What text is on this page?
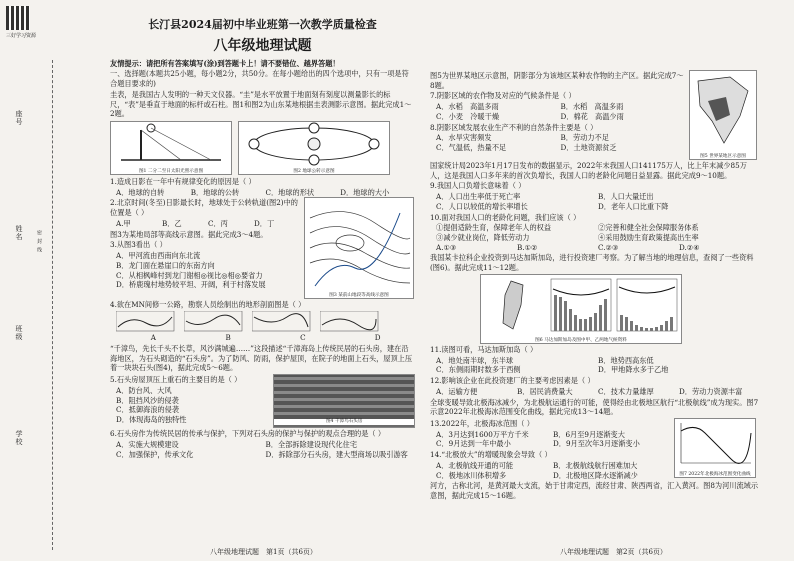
三好学习资源
座号
姓名
班级
学校
密 封 线
长汀县2024届初中毕业班第一次教学质量检查
八年级地理试题
友情提示：请把所有答案填写(涂)到答题卡上！请不要错位、越界答题！
一、选择题(本题共25小题，每小题2分，共50分。在每小题给出的四个选项中，只有一项是符合题目要求的)
圭表，是我国古人发明的一种天文仪器。“圭”是水平放置于地面刻有刻度以测量影长的标尺，“表”是垂直于地面的标杆或石柱。图1和图2为山东某地根据圭表测影示意图。据此完成1～2题。
图1 二分二至日太阳光照示意图	图2 地球公转示意图
1.造成日影在一年中有规律变化的原因是（ ）
A．地球的自转	B．地球的公转	C．地球的形状	D．地球的大小
2.北京时间(冬至)日影最长时，地球处于公转轨道(图2)中的位置是（ ）
A.甲	B．乙	C．丙	D．丁
图3为某地局部等高线示意图。据此完成3～4题。
3.从图3看出（ ）
A．甲河流由西南向东北流
B．龙门面在悬崖口的东南方向
C．从相枫峰村到龙门谢相◎视比◎相◎要省力
D．桥鹿瑰村地势较平坦、开阔，利于村落发展
图3 某前山地段等高线示意图
4.欲在MN间修一公路，勘察人员绘制出的地形剖面图是（ ）
A	B	C	D
“千漳鸟，先长千头不长草，风沙满城遍……”这段描述“千漳海岛上传统民居的石头房，建在沿海地区，为石头砌造的“石头房”。为了防风、防雨，保护屋顶，在院子的地面上石头，屋顶上压着一块块石头(图4)，据此完成5～6题。
5.石头房屋顶压上重石的主要目的是（ ）
A．防台风、大风
B．阻挡风沙的侵袭
C．抵御海浪的侵袭
D．体现海岛的独特性	图4 千漳鸟石头房
6.石头房作为传统民居的传承与保护，下列对石头房的保护与保护的观点合理的是（ ）
A．实施大规模建设	B．全部拆除建设现代化住宅
C．加强保护，传承文化	D．拆除部分石头房，建大型商场以吸引游客
八年级地理试题　第1页（共6页）
图5为世界某地区示意图，阴影部分为该地区某种农作物的主产区。据此完成7～8题。
7.阴影区域的农作物及对应的气候条件是（ ）
A．水稻　高温多雨	B．水稻　高温多雨
C．小麦　冷暖干燥	D．棉花　高温少雨
8.阴影区域发展农业生产不利的自然条件主要是（ ）
A．水旱灾害频发	B．劳动力不足
C．气温低，热量不足	D．土地资源贫乏
图5 世界某地区示意图
国家统计局2023年1月17日发布的数据显示，2022年末我国人口141175万人，比上年末减少85万人，这是我国人口多年来的首次负增长，我国人口的老龄化问题日益显露。据此完成9～10题。
9.我国人口负增长意味着（ ）
A．人口出生率低于死亡率	B．人口大量迁出
C．人口以较低的增长率增长	D．老年人口比重下降
10.面对我国人口的老龄化问题，我们应该（ ）
①提倡适龄生育，保障老年人的权益	②完善和健全社会保障服务体系
③减少就业岗位，降低劳动力	④采用鼓励生育政策提高出生率
A.①③	B.①②	C.②③	D.②④
我国某卡拉科企业投资到马达加斯加岛，进行投资建厂考察。为了解当地的地理信息，查阅了一些资料(图6)。据此完成11～12题。
图6 马达加斯加岛及图中甲、乙两地气候资料
11.读图可看，马达加斯加岛（ ）
A．地处南半球，东半球	B．地势西高东低
C．东侧雨期时数多于西侧	D．甲地降水多于乙地
12.影响该企业在此投资建厂的主要考虑因素是（ ）
A．运输方便	B．居民消费量大	C．技术力量雄厚	D．劳动力资源丰富
全球变暖导致北极海冰减少，为北极航运通行的可能，使得经由北极地区航行“北极航线”成为现实。图7示意2022年北极海冰范围变化曲线，据此完成13～14题。
13.2022年，北极海冰范围（ ）
A．3月达到1600万平方千米	B．6月至9月逐渐变大
C．9月达到一年中最小	D．9月至次年3月逐渐变小
14.“北极放大”的增暖现象会导致（ ）
A．北极航线开通的可能	B．北极航线航行困难加大
C．极地冰川体积增多	D．北极地区降水逐渐减少	图7 2022年北极海冰范围变化曲线
河方，古称北河，是黄河最大支流，始于甘肃定西，流经甘肃、陕西两省，汇入黄河。图8为河川流域示意图，据此完成15～16题。
八年级地理试题　第2页（共6页）
